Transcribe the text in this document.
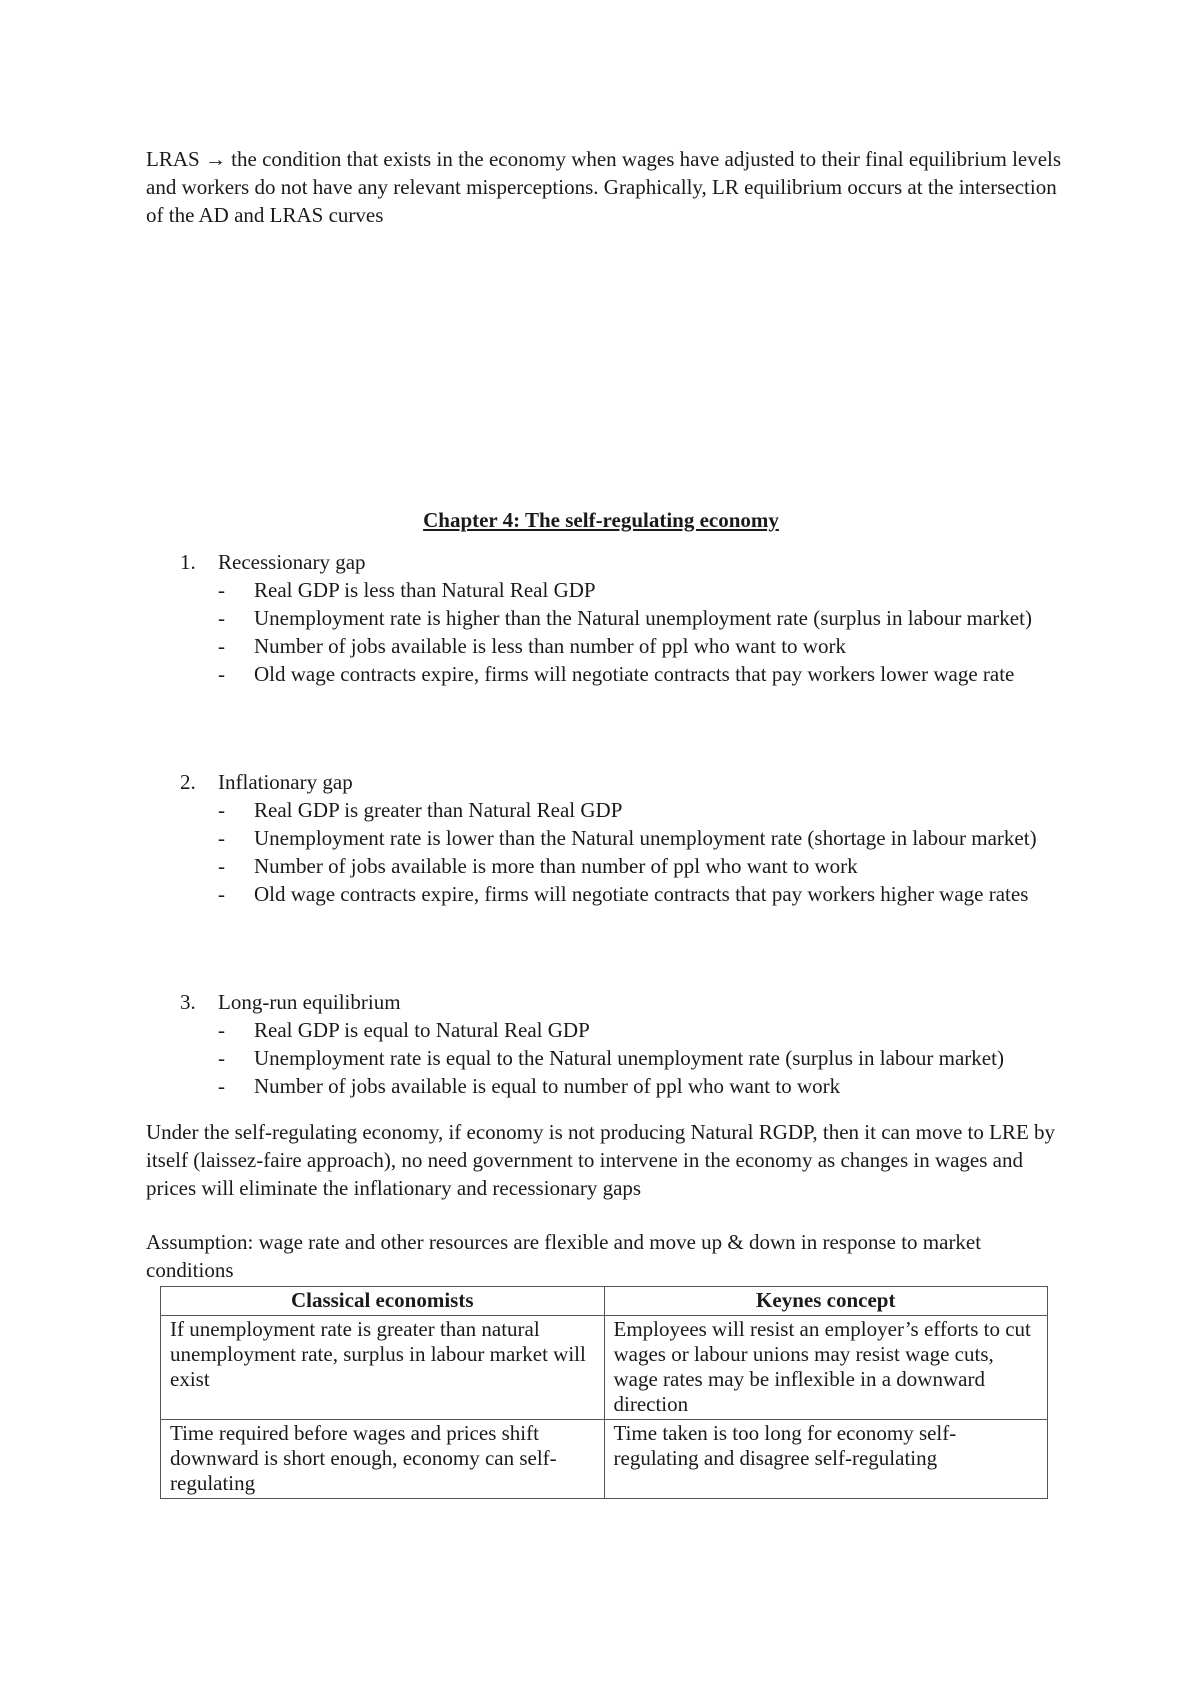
LRAS → the condition that exists in the economy when wages have adjusted to their final equilibrium levels and workers do not have any relevant misperceptions. Graphically, LR equilibrium occurs at the intersection of the AD and LRAS curves

Chapter 4: The self-regulating economy
1.	Recessionary gap
-	Real GDP is less than Natural Real GDP
-	Unemployment rate is higher than the Natural unemployment rate (surplus in labour market)
-	Number of jobs available is less than number of ppl who want to work
-	Old wage contracts expire, firms will negotiate contracts that pay workers lower wage rate
2.	Inflationary gap
-	Real GDP is greater than Natural Real GDP
-	Unemployment rate is lower than the Natural unemployment rate (shortage in labour market)
-	Number of jobs available is more than number of ppl who want to work
-	Old wage contracts expire, firms will negotiate contracts that pay workers higher wage rates
3.	Long-run equilibrium
-	Real GDP is equal to Natural Real GDP
-	Unemployment rate is equal to the Natural unemployment rate (surplus in labour market)
-	Number of jobs available is equal to number of ppl who want to work

Under the self-regulating economy, if economy is not producing Natural RGDP, then it can move to LRE by itself (laissez-faire approach), no need government to intervene in the economy as changes in wages and prices will eliminate the inflationary and recessionary gaps

Assumption: wage rate and other resources are flexible and move up & down in response to market conditions

Classical economists	Keynes concept
If unemployment rate is greater than natural unemployment rate, surplus in labour market will exist	Employees will resist an employer’s efforts to cut wages or labour unions may resist wage cuts, wage rates may be inflexible in a downward direction
Time required before wages and prices shift downward is short enough, economy can self-regulating	Time taken is too long for economy self-regulating and disagree self-regulating
